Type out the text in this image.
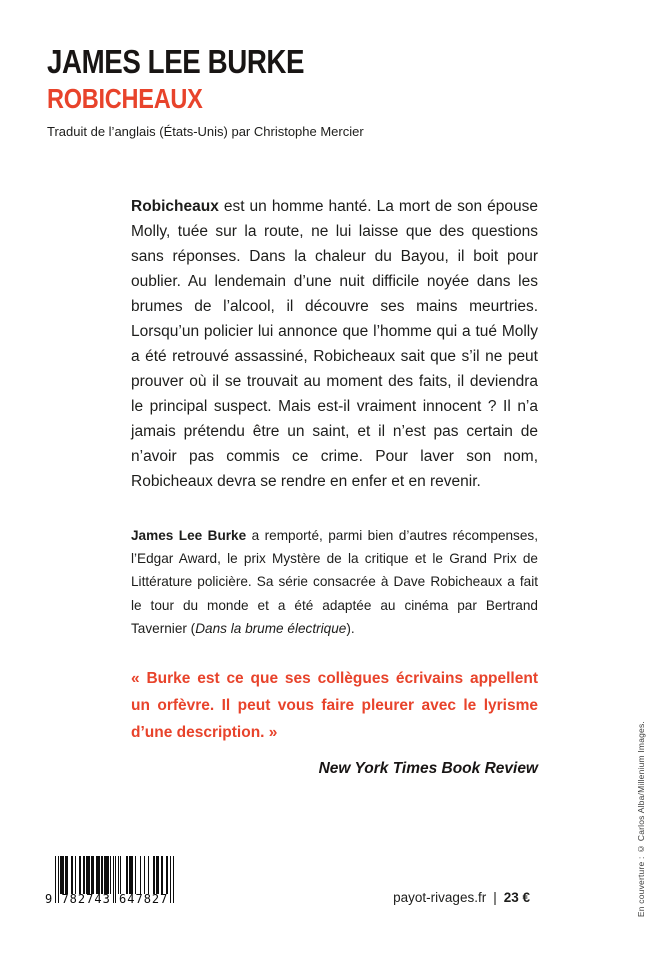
JAMES LEE BURKE
ROBICHEAUX
Traduit de l’anglais (États-Unis) par Christophe Mercier

Robicheaux est un homme hanté. La mort de son épouse Molly, tuée sur la route, ne lui laisse que des questions sans réponses. Dans la chaleur du Bayou, il boit pour oublier. Au lendemain d’une nuit difficile noyée dans les brumes de l’alcool, il découvre ses mains meurtries. Lorsqu’un policier lui annonce que l’homme qui a tué Molly a été retrouvé assassiné, Robicheaux sait que s’il ne peut prouver où il se trouvait au moment des faits, il deviendra le principal suspect. Mais est-il vraiment innocent ? Il n’a jamais prétendu être un saint, et il n’est pas certain de n’avoir pas commis ce crime. Pour laver son nom, Robicheaux devra se rendre en enfer et en revenir.

James Lee Burke a remporté, parmi bien d’autres récompenses, l’Edgar Award, le prix Mystère de la critique et le Grand Prix de Littérature policière. Sa série consacrée à Dave Robicheaux a fait le tour du monde et a été adaptée au cinéma par Bertrand Tavernier (Dans la brume électrique).

« Burke est ce que ses collègues écrivains appellent un orfèvre. Il peut vous faire pleurer avec le lyrisme d’une description. »

New York Times Book Review
9 782743 647827	payot-rivages.fr | 23 €	En couverture : © Carlos Alba/Millenium Images.
